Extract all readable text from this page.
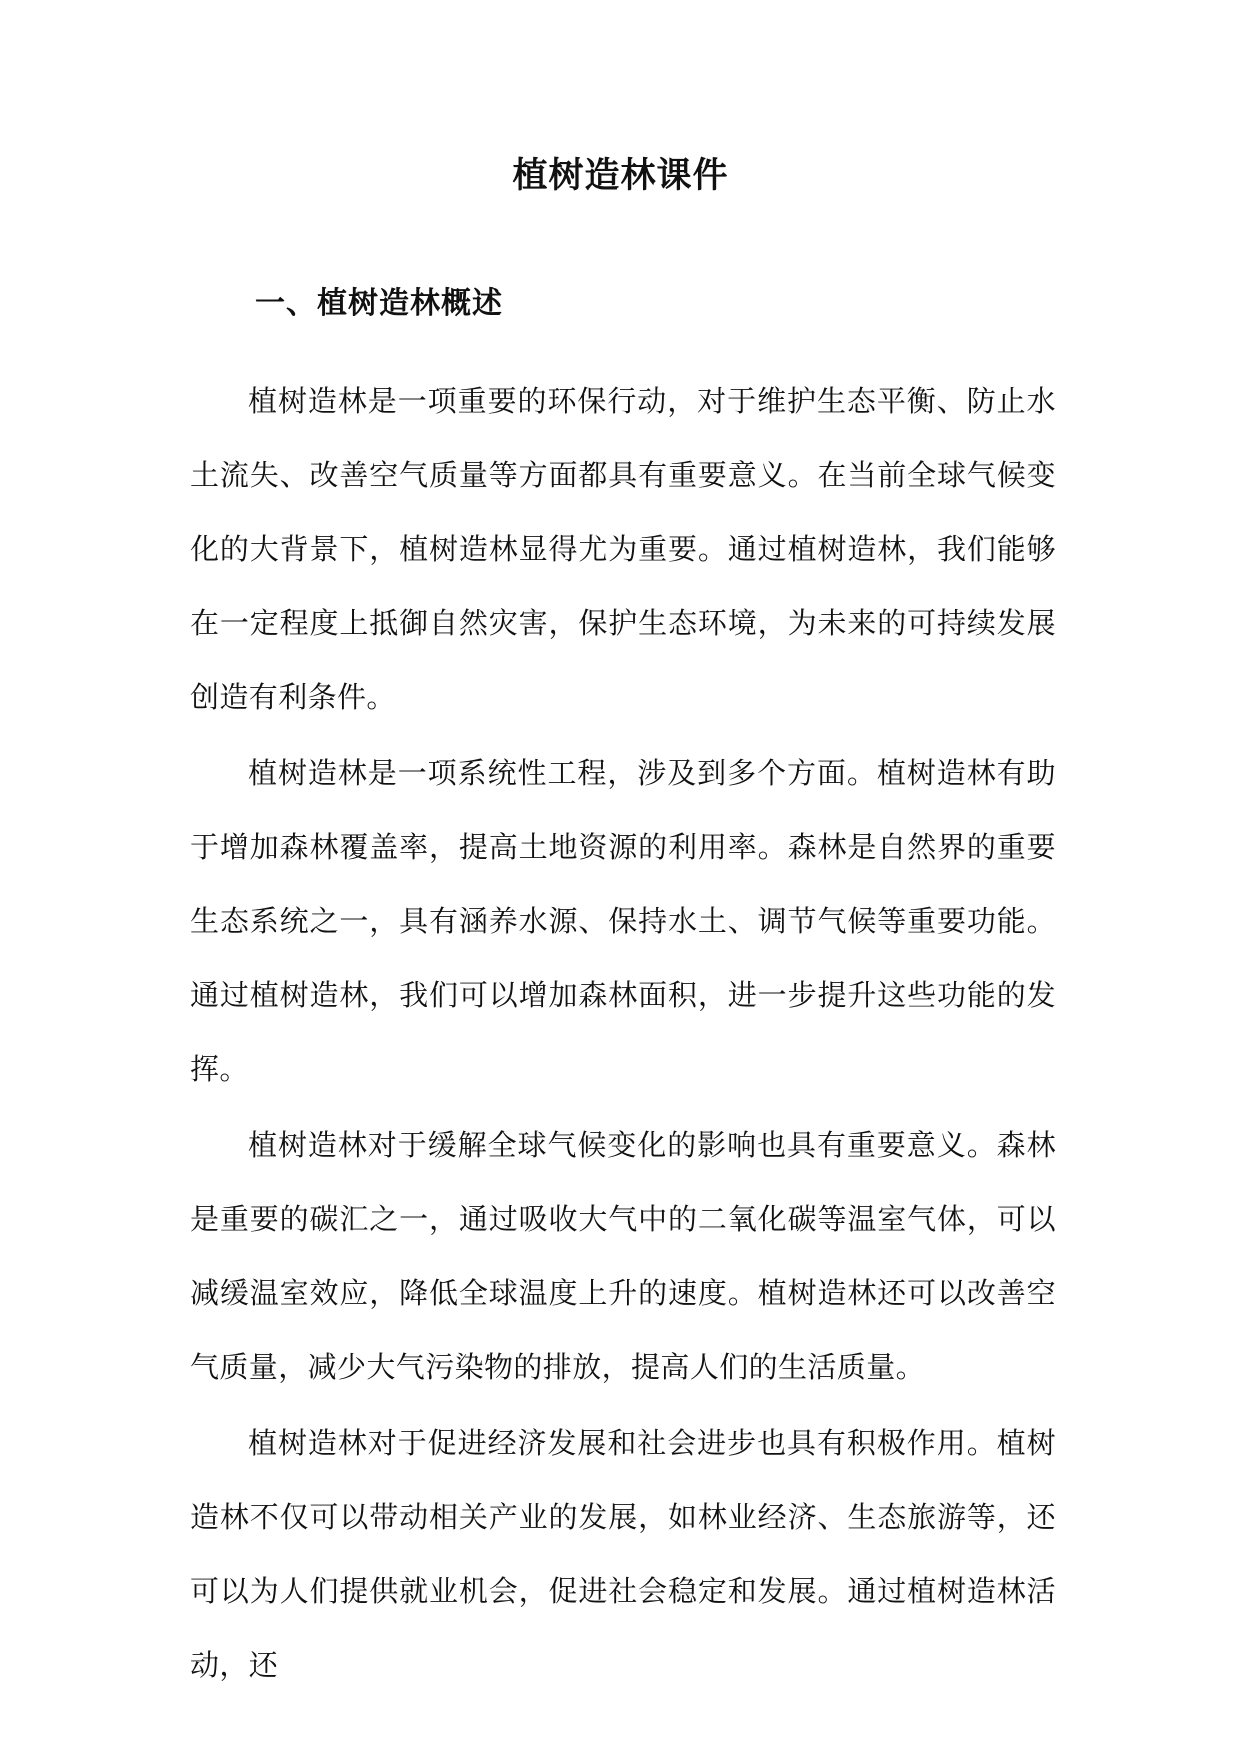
植树造林课件
一、植树造林概述

植树造林是一项重要的环保行动，对于维护生态平衡、防止水土流失、改善空气质量等方面都具有重要意义。在当前全球气候变化的大背景下，植树造林显得尤为重要。通过植树造林，我们能够在一定程度上抵御自然灾害，保护生态环境，为未来的可持续发展创造有利条件。

植树造林是一项系统性工程，涉及到多个方面。植树造林有助于增加森林覆盖率，提高土地资源的利用率。森林是自然界的重要生态系统之一，具有涵养水源、保持水土、调节气候等重要功能。通过植树造林，我们可以增加森林面积，进一步提升这些功能的发挥。

植树造林对于缓解全球气候变化的影响也具有重要意义。森林是重要的碳汇之一，通过吸收大气中的二氧化碳等温室气体，可以减缓温室效应，降低全球温度上升的速度。植树造林还可以改善空气质量，减少大气污染物的排放，提高人们的生活质量。

植树造林对于促进经济发展和社会进步也具有积极作用。植树造林不仅可以带动相关产业的发展，如林业经济、生态旅游等，还可以为人们提供就业机会，促进社会稳定和发展。通过植树造林活动，还
